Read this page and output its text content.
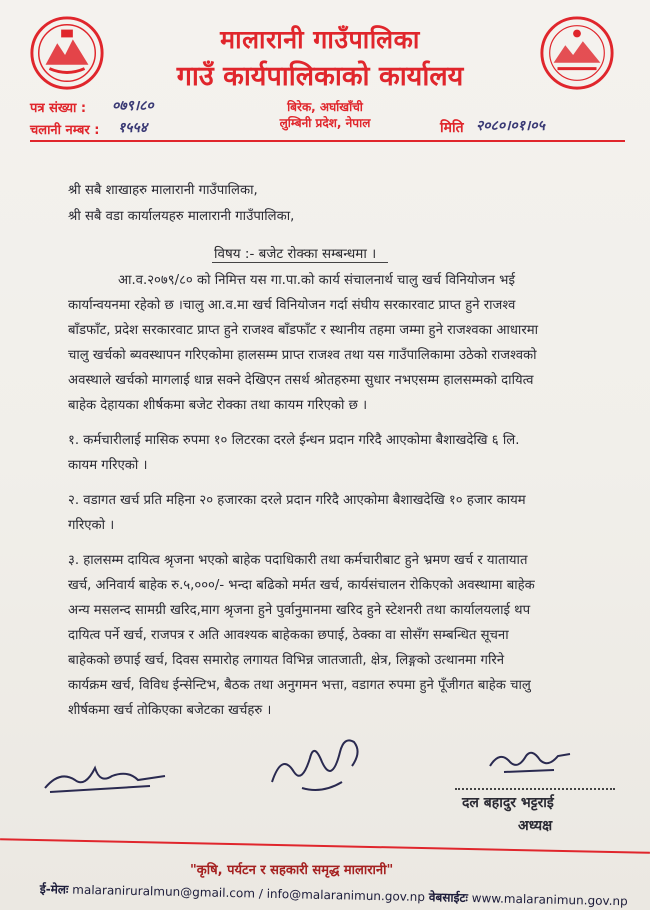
मालारानी गाउँपालिका
गाउँ कार्यपालिकाको कार्यालय
पत्र संख्या : ०७९।८०
चलानी नम्बर : १५५४
बिरेक, अर्घाखाँची
लुम्बिनी प्रदेश, नेपाल	मिति २०८०।०१।०५
श्री सबै शाखाहरु मालारानी गाउँपालिका,
श्री सबै वडा कार्यालयहरु मालारानी गाउँपालिका,
विषय :- बजेट रोक्का सम्बन्धमा ।
आ.व.२०७९/८० को निमित्त यस गा.पा.को कार्य संचालनार्थ चालु खर्च विनियोजन भई
कार्यान्वयनमा रहेको छ ।चालु आ.व.मा खर्च विनियोजन गर्दा संघीय सरकारवाट प्राप्त हुने राजश्व
बाँडफाँट, प्रदेश सरकारवाट प्राप्त हुने राजश्व बाँडफाँट र स्थानीय तहमा जम्मा हुने राजश्वका आधारमा
चालु खर्चको ब्यवस्थापन गरिएकोमा हालसम्म प्राप्त राजश्व तथा यस गाउँपालिकामा उठेको राजश्वको
अवस्थाले खर्चको मागलाई धान्न सक्ने देखिएन तसर्थ श्रोतहरुमा सुधार नभएसम्म हालसम्मको दायित्व
बाहेक देहायका शीर्षकमा बजेट रोक्का तथा कायम गरिएको छ ।
१. कर्मचारीलाई मासिक रुपमा १० लिटरका दरले ईन्धन प्रदान गरिदै आएकोमा बैशाखदेखि ६ लि.
कायम गरिएको ।
२. वडागत खर्च प्रति महिना २० हजारका दरले प्रदान गरिदै आएकोमा बैशाखदेखि १० हजार कायम
गरिएको ।
३. हालसम्म दायित्व श्रृजना भएको बाहेक पदाधिकारी तथा कर्मचारीबाट हुने भ्रमण खर्च र यातायात
खर्च, अनिवार्य बाहेक रु.५,०००/- भन्दा बढिको मर्मत खर्च, कार्यसंचालन रोकिएको अवस्थामा बाहेक
अन्य मसलन्द सामग्री खरिद,माग श्रृजना हुने पुर्वानुमानमा खरिद हुने स्टेशनरी तथा कार्यालयलाई थप
दायित्व पर्ने खर्च, राजपत्र र अति आवश्यक बाहेकका छपाई, ठेक्का वा सोसँग सम्बन्धित सूचना
बाहेकको छपाई खर्च, दिवस समारोह लगायत विभिन्न जातजाती, क्षेत्र, लिङ्गको उत्थानमा गरिने
कार्यक्रम खर्च, विविध ईन्सेन्टिभ, बैठक तथा अनुगमन भत्ता, वडागत रुपमा हुने पूँजीगत बाहेक चालु
शीर्षकमा खर्च तोकिएका बजेटका खर्चहरु ।
दल बहादुर भट्टराई
अध्यक्ष
"कृषि, पर्यटन र सहकारी समृद्ध मालारानी"
ई-मेलः malaraniruralmun@gmail.com / info@malaranimun.gov.np वेबसाईटः www.malaranimun.gov.np
